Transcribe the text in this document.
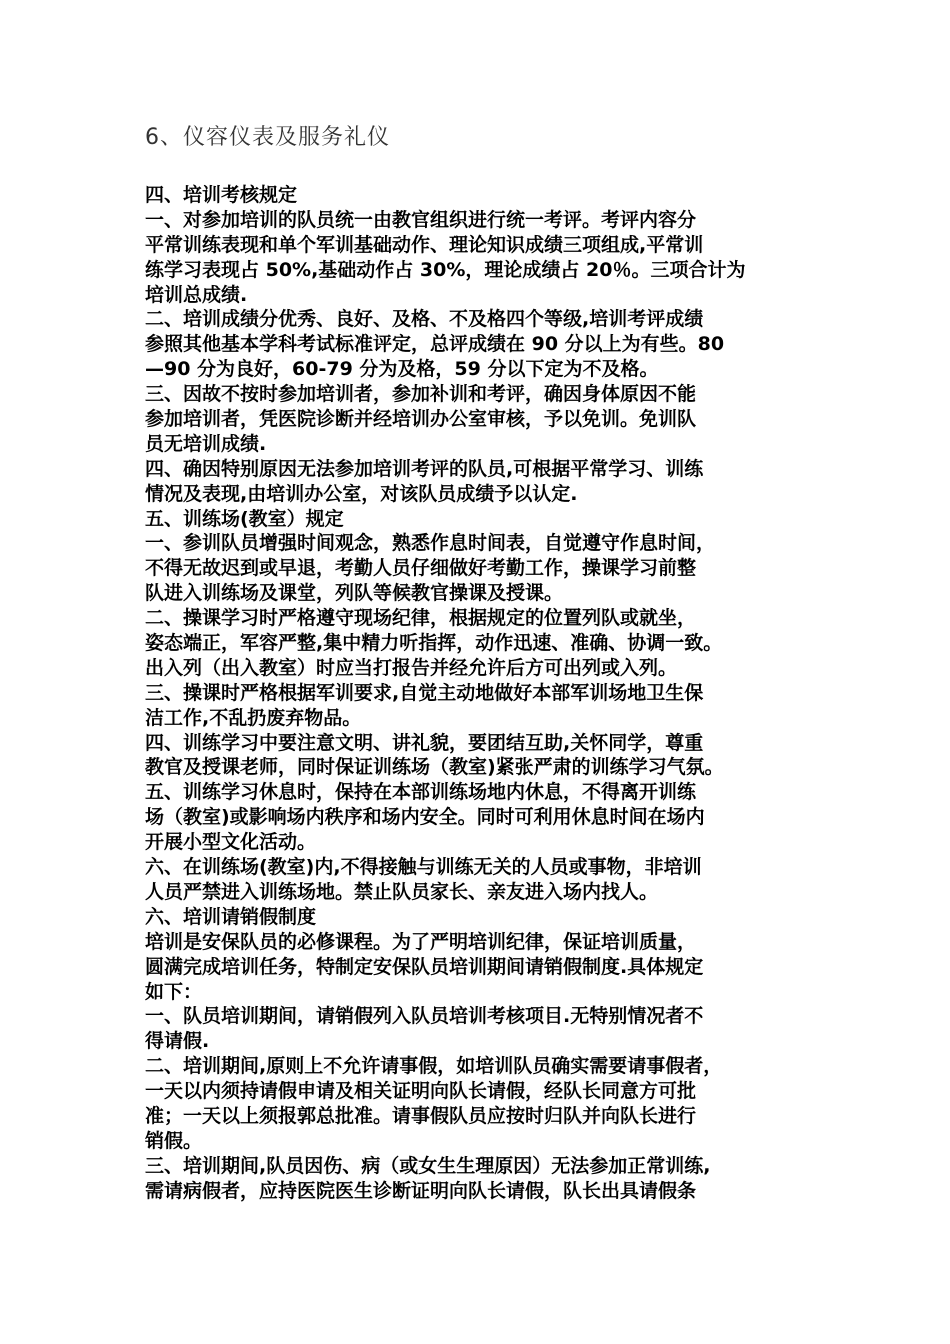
6、仪容仪表及服务礼仪
四、培训考核规定
一、对参加培训的队员统一由教官组织进行统一考评。考评内容分
平常训练表现和单个军训基础动作、理论知识成绩三项组成,平常训
练学习表现占 50%,基础动作占 30%，理论成绩占 20％。三项合计为
培训总成绩.
二、培训成绩分优秀、良好、及格、不及格四个等级,培训考评成绩
参照其他基本学科考试标准评定，总评成绩在 90 分以上为有些。80
—90 分为良好，60-79 分为及格，59 分以下定为不及格。
三、因故不按时参加培训者，参加补训和考评，确因身体原因不能
参加培训者，凭医院诊断并经培训办公室审核，予以免训。免训队
员无培训成绩.
四、确因特别原因无法参加培训考评的队员,可根据平常学习、训练
情况及表现,由培训办公室，对该队员成绩予以认定.
五、训练场(教室）规定
一、参训队员增强时间观念，熟悉作息时间表，自觉遵守作息时间，
不得无故迟到或早退，考勤人员仔细做好考勤工作，操课学习前整
队进入训练场及课堂，列队等候教官操课及授课。
二、操课学习时严格遵守现场纪律，根据规定的位置列队或就坐，
姿态端正，军容严整,集中精力听指挥，动作迅速、准确、协调一致。
出入列（出入教室）时应当打报告并经允许后方可出列或入列。
三、操课时严格根据军训要求,自觉主动地做好本部军训场地卫生保
洁工作,不乱扔废弃物品。
四、训练学习中要注意文明、讲礼貌，要团结互助,关怀同学，尊重
教官及授课老师，同时保证训练场（教室)紧张严肃的训练学习气氛。
五、训练学习休息时，保持在本部训练场地内休息，不得离开训练
场（教室)或影响场内秩序和场内安全。同时可利用休息时间在场内
开展小型文化活动。
六、在训练场(教室)内,不得接触与训练无关的人员或事物，非培训
人员严禁进入训练场地。禁止队员家长、亲友进入场内找人。
六、培训请销假制度
培训是安保队员的必修课程。为了严明培训纪律，保证培训质量，
圆满完成培训任务，特制定安保队员培训期间请销假制度.具体规定
如下：
一、队员培训期间，请销假列入队员培训考核项目.无特别情况者不
得请假.
二、培训期间,原则上不允许请事假，如培训队员确实需要请事假者，
一天以内须持请假申请及相关证明向队长请假，经队长同意方可批
准；一天以上须报郭总批准。请事假队员应按时归队并向队长进行
销假。
三、培训期间,队员因伤、病（或女生生理原因）无法参加正常训练,
需请病假者，应持医院医生诊断证明向队长请假，队长出具请假条
